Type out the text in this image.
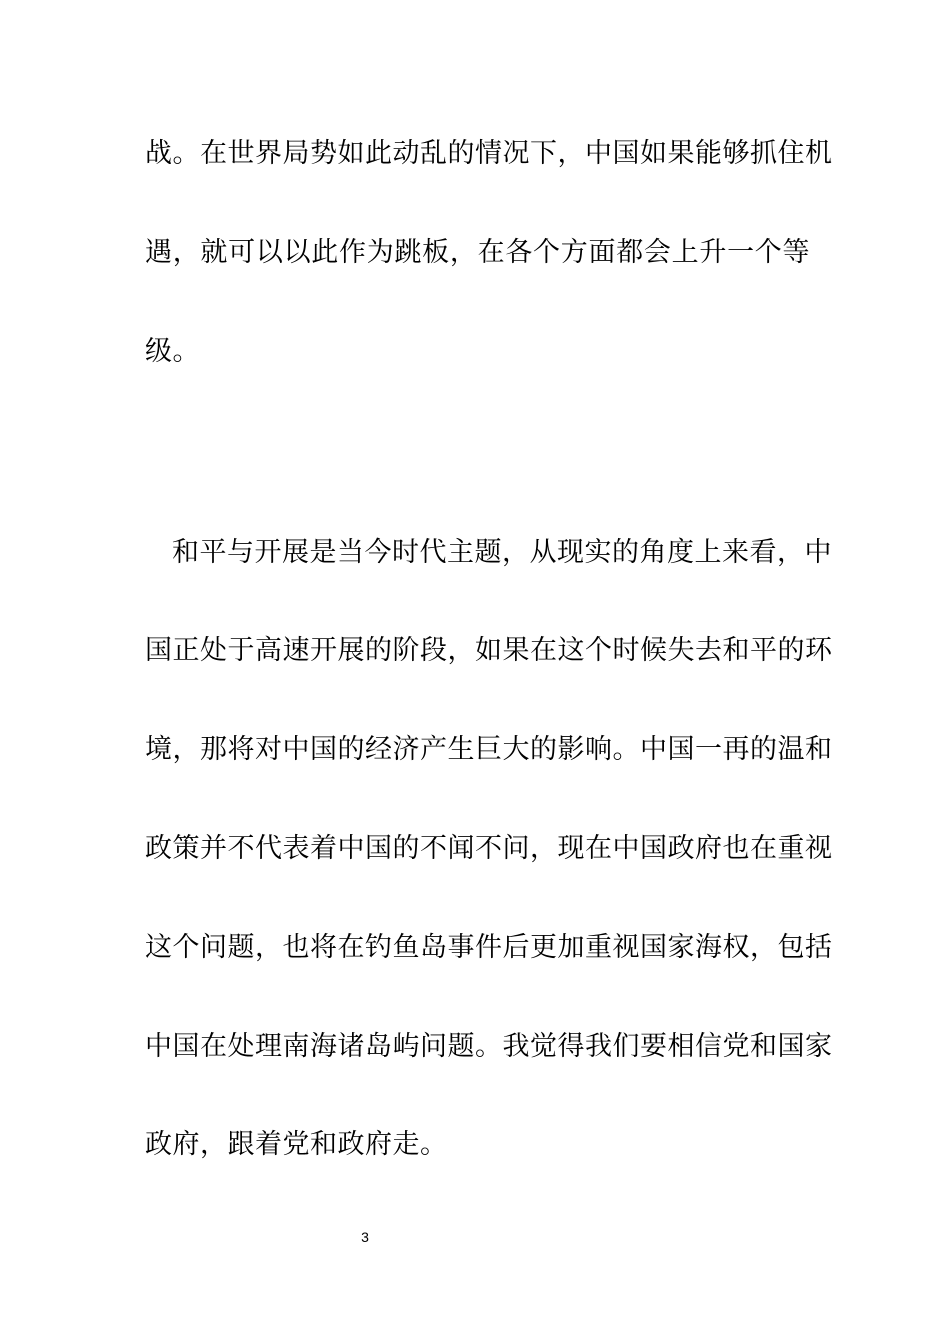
战。在世界局势如此动乱的情况下，中国如果能够抓住机
遇，就可以以此作为跳板，在各个方面都会上升一个等
级。
和平与开展是当今时代主题，从现实的角度上来看，中
国正处于高速开展的阶段，如果在这个时候失去和平的环
境，那将对中国的经济产生巨大的影响。中国一再的温和
政策并不代表着中国的不闻不问，现在中国政府也在重视
这个问题，也将在钓鱼岛事件后更加重视国家海权，包括
中国在处理南海诸岛屿问题。我觉得我们要相信党和国家
政府，跟着党和政府走。
3
